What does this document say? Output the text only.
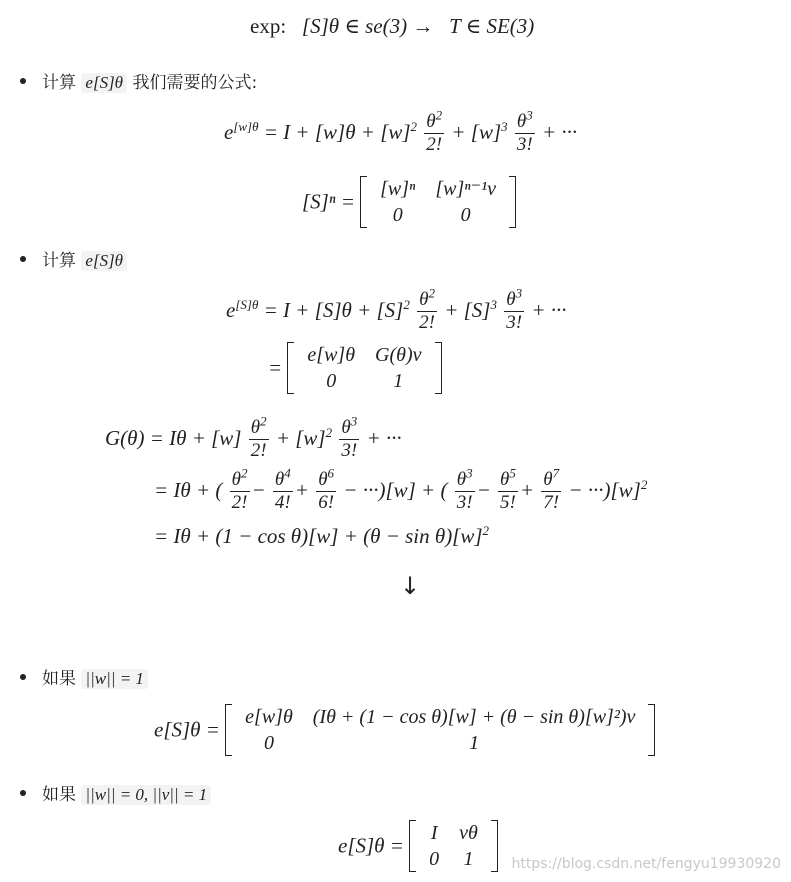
exp: [S]θ ∈ se(3) → T ∈ SE(3)
计算 e[S]θ 我们需要的公式:
$e^{[w]\theta} = I + [w]\theta + [w]^2 \frac{\theta^2}{2!} + [w]^3 \frac{\theta^3}{3!}$ + ···
[S]ⁿ =
[w]ⁿ	[w]ⁿ⁻¹v
0	0
计算 e[S]θ
$e^{[S]\theta} = I + [S]\theta + [S]^2 \frac{\theta^2}{2!} + [S]^3 \frac{\theta^3}{3!}$ + ···
=
e[w]θ	G(θ)v
0	1
$G(\theta) = I\theta + [w] \frac{\theta^2}{2!} + [w]^2 \frac{\theta^3}{3!}$ + ···
= Iθ + ( $\frac{\theta^2}{2!} - \frac{\theta^4}{4!} + \frac{\theta^6}{6!} - \cdot\cdot\cdot)[w]$ + ( $\frac{\theta^3}{3!} - \frac{\theta^5}{5!} + \frac{\theta^7}{7!} - \cdot\cdot\cdot)[w]^2$
= $I\theta + (1 - \cos \theta)[w] + (\theta - \sin \theta)[w]^2$
↓
如果 ||w|| = 1
e[S]θ =
e[w]θ	(Iθ + (1 − cos θ)[w] + (θ − sin θ)[w]²)v
0	1
如果 ||w|| = 0, ||v|| = 1
e[S]θ =
I	vθ
0	1	https://blog.csdn.net/fengyu19930920
